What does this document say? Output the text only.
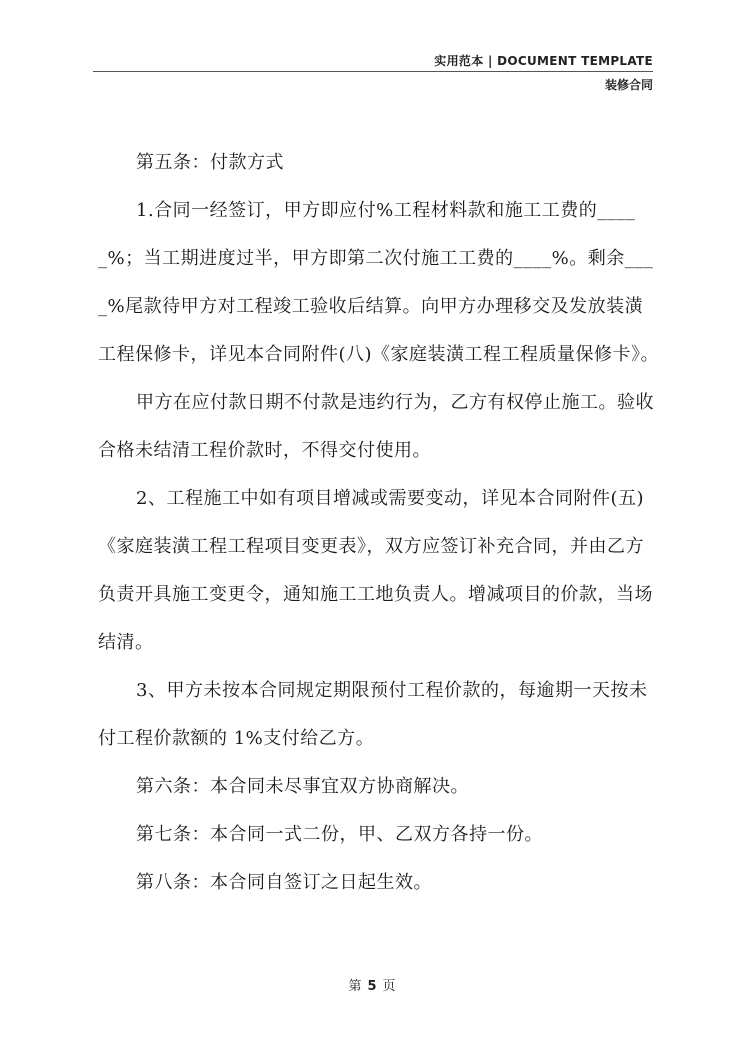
实用范本 | DOCUMENT TEMPLATE
装修合同

第五条：付款方式

1.合同一经签订，甲方即应付%工程材料款和施工工费的_____%；当工期进度过半，甲方即第二次付施工工费的____%。剩余____%尾款待甲方对工程竣工验收后结算。向甲方办理移交及发放装潢工程保修卡，详见本合同附件(八)《家庭装潢工程工程质量保修卡》。

甲方在应付款日期不付款是违约行为，乙方有权停止施工。验收合格未结清工程价款时，不得交付使用。

2、工程施工中如有项目增减或需要变动，详见本合同附件(五)《家庭装潢工程工程项目变更表》，双方应签订补充合同，并由乙方负责开具施工变更令，通知施工工地负责人。增减项目的价款，当场结清。

3、甲方未按本合同规定期限预付工程价款的，每逾期一天按未付工程价款额的 1%支付给乙方。

第六条：本合同未尽事宜双方协商解决。

第七条：本合同一式二份，甲、乙双方各持一份。

第八条：本合同自签订之日起生效。

第 5 页
